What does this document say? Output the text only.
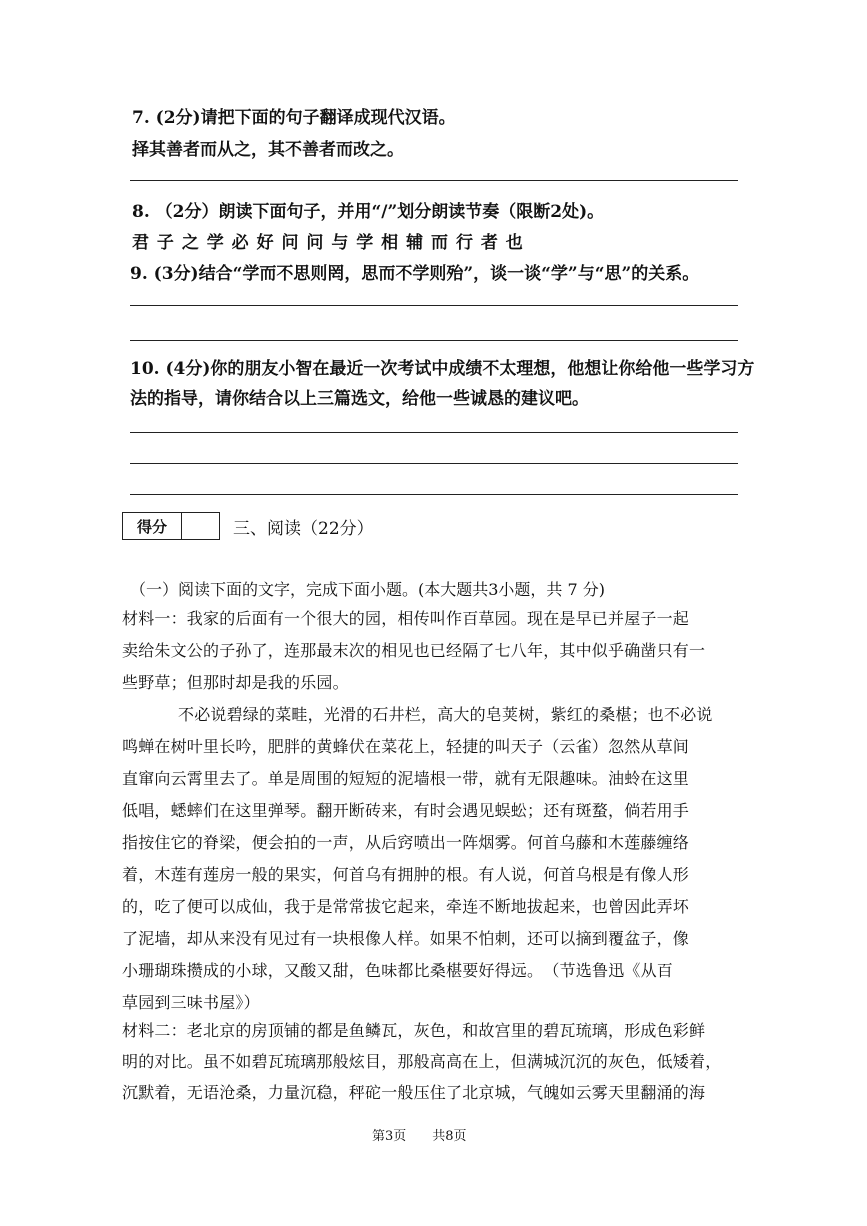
7. (2分)请把下面的句子翻译成现代汉语。
择其善者而从之，其不善者而改之。
8. （2分）朗读下面句子，并用“/”划分朗读节奏（限断2处)。
君 子 之 学 必 好 问 问 与 学 相 辅 而 行 者 也
9. (3分)结合“学而不思则罔，思而不学则殆”，谈一谈“学”与“思”的关系。
10. (4分)你的朋友小智在最近一次考试中成绩不太理想，他想让你给他一些学习方
法的指导，请你结合以上三篇选文，给他一些诚恳的建议吧。
得分	三、阅读（22分）
（一）阅读下面的文字，完成下面小题。(本大题共3小题，共 7 分)
材料一：我家的后面有一个很大的园，相传叫作百草园。现在是早已并屋子一起
卖给朱文公的子孙了，连那最末次的相见也已经隔了七八年，其中似乎确凿只有一
些野草；但那时却是我的乐园。
不必说碧绿的菜畦，光滑的石井栏，高大的皂荚树，紫红的桑椹；也不必说
鸣蝉在树叶里长吟，肥胖的黄蜂伏在菜花上，轻捷的叫天子（云雀）忽然从草间
直窜向云霄里去了。单是周围的短短的泥墙根一带，就有无限趣味。油蛉在这里
低唱，蟋蟀们在这里弹琴。翻开断砖来，有时会遇见蜈蚣；还有斑蝥，倘若用手
指按住它的脊梁，便会拍的一声，从后窍喷出一阵烟雾。何首乌藤和木莲藤缠络
着，木莲有莲房一般的果实，何首乌有拥肿的根。有人说，何首乌根是有像人形
的，吃了便可以成仙，我于是常常拔它起来，牵连不断地拔起来，也曾因此弄坏
了泥墙，却从来没有见过有一块根像人样。如果不怕刺，还可以摘到覆盆子，像
小珊瑚珠攒成的小球，又酸又甜，色味都比桑椹要好得远。　（节选鲁迅《从百
草园到三味书屋》）
材料二：老北京的房顶铺的都是鱼鳞瓦，灰色，和故宫里的碧瓦琉璃，形成色彩鲜
明的对比。虽不如碧瓦琉璃那般炫目，那般高高在上，但满城沉沉的灰色，低矮着，
沉默着，无语沧桑，力量沉稳，秤砣一般压住了北京城，气魄如云雾天里翻涌的海
第3页　　共8页
